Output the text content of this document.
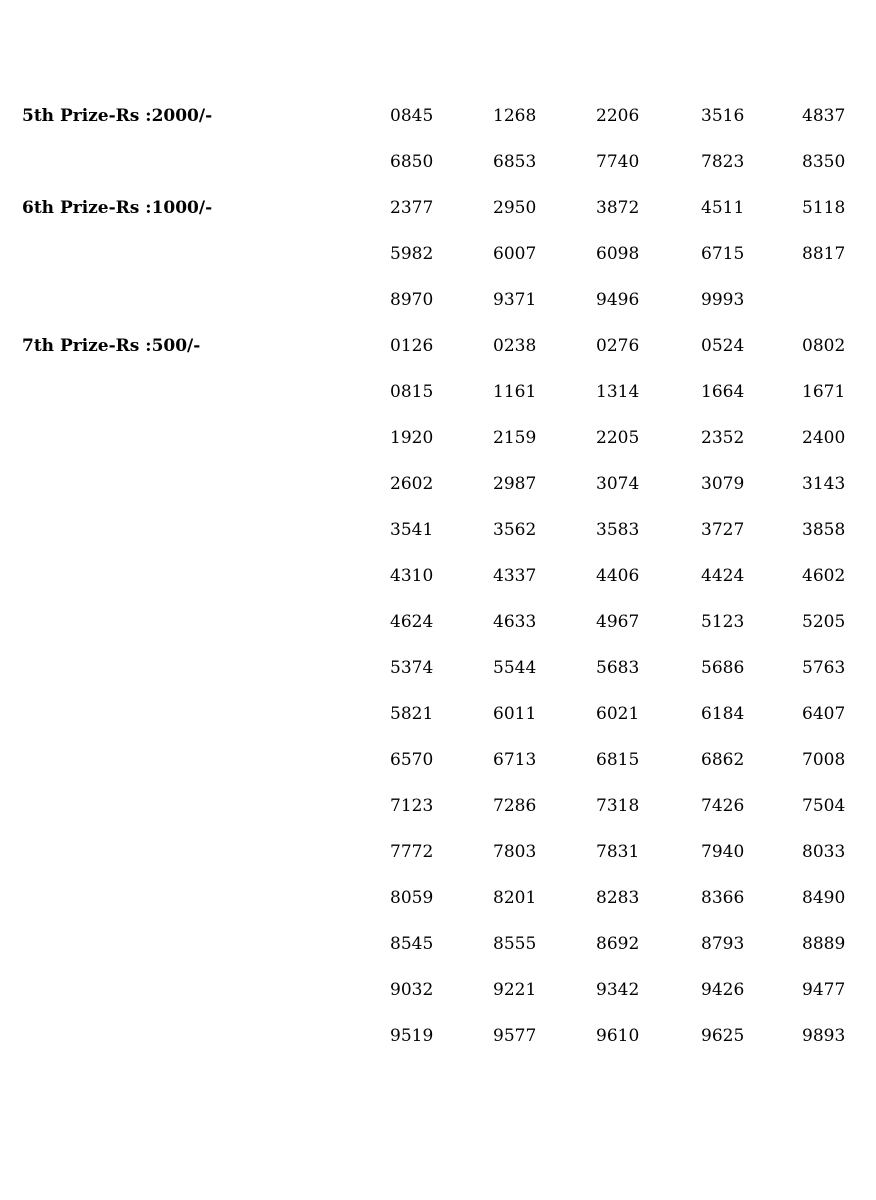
5th Prize-Rs :2000/-	0845	1268	2206	3516	4837
6850	6853	7740	7823	8350
6th Prize-Rs :1000/-	2377	2950	3872	4511	5118
5982	6007	6098	6715	8817
8970	9371	9496	9993
7th Prize-Rs :500/-	0126	0238	0276	0524	0802
0815	1161	1314	1664	1671
1920	2159	2205	2352	2400
2602	2987	3074	3079	3143
3541	3562	3583	3727	3858
4310	4337	4406	4424	4602
4624	4633	4967	5123	5205
5374	5544	5683	5686	5763
5821	6011	6021	6184	6407
6570	6713	6815	6862	7008
7123	7286	7318	7426	7504
7772	7803	7831	7940	8033
8059	8201	8283	8366	8490
8545	8555	8692	8793	8889
9032	9221	9342	9426	9477
9519	9577	9610	9625	9893
